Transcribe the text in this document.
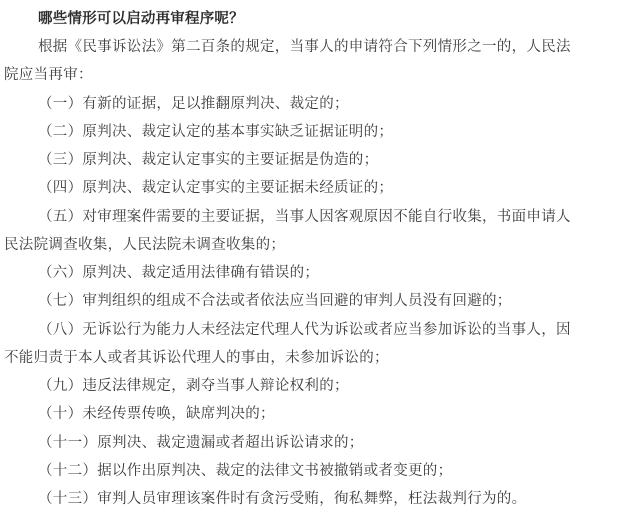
哪些情形可以启动再审程序呢？
根据《民事诉讼法》第二百条的规定，当事人的申请符合下列情形之一的，人民法
院应当再审：
（一）有新的证据，足以推翻原判决、裁定的；
（二）原判决、裁定认定的基本事实缺乏证据证明的；
（三）原判决、裁定认定事实的主要证据是伪造的；
（四）原判决、裁定认定事实的主要证据未经质证的；
（五）对审理案件需要的主要证据，当事人因客观原因不能自行收集，书面申请人
民法院调查收集，人民法院未调查收集的；
（六）原判决、裁定适用法律确有错误的；
（七）审判组织的组成不合法或者依法应当回避的审判人员没有回避的；
（八）无诉讼行为能力人未经法定代理人代为诉讼或者应当参加诉讼的当事人，因
不能归责于本人或者其诉讼代理人的事由，未参加诉讼的；
（九）违反法律规定，剥夺当事人辩论权利的；
（十）未经传票传唤，缺席判决的；
（十一）原判决、裁定遗漏或者超出诉讼请求的；
（十二）据以作出原判决、裁定的法律文书被撤销或者变更的；
（十三）审判人员审理该案件时有贪污受贿，徇私舞弊，枉法裁判行为的。
